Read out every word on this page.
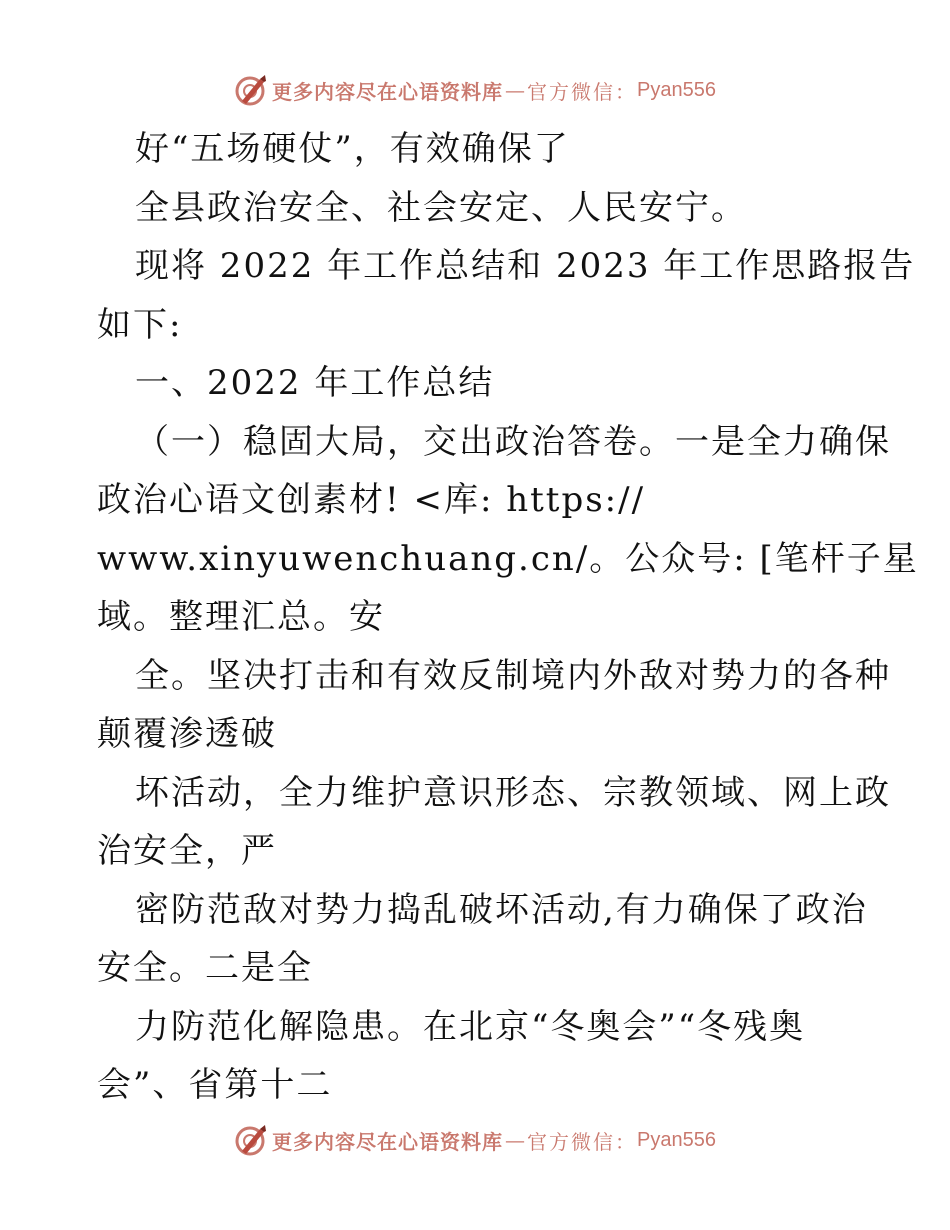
更多内容尽在心语资料库 — 官方微信： Pyan556
好“五场硬仗”，有效确保了
全县政治安全、社会安定、人民安宁。
现将 2022 年工作总结和 2023 年工作思路报告
如下:
一、2022 年工作总结
（一）稳固大局，交出政治答卷。一是全力确保
政治心语文创素材! <库: https://
www.xinyuwenchuang.cn/。公众号: [笔杆子星
域。整理汇总。安
全。坚决打击和有效反制境内外敌对势力的各种
颠覆渗透破
坏活动，全力维护意识形态、宗教领域、网上政
治安全，严
密防范敌对势力捣乱破坏活动,有力确保了政治
安全。二是全
力防范化解隐患。在北京“冬奥会”“冬残奥
会”、省第十二
更多内容尽在心语资料库 — 官方微信： Pyan556
